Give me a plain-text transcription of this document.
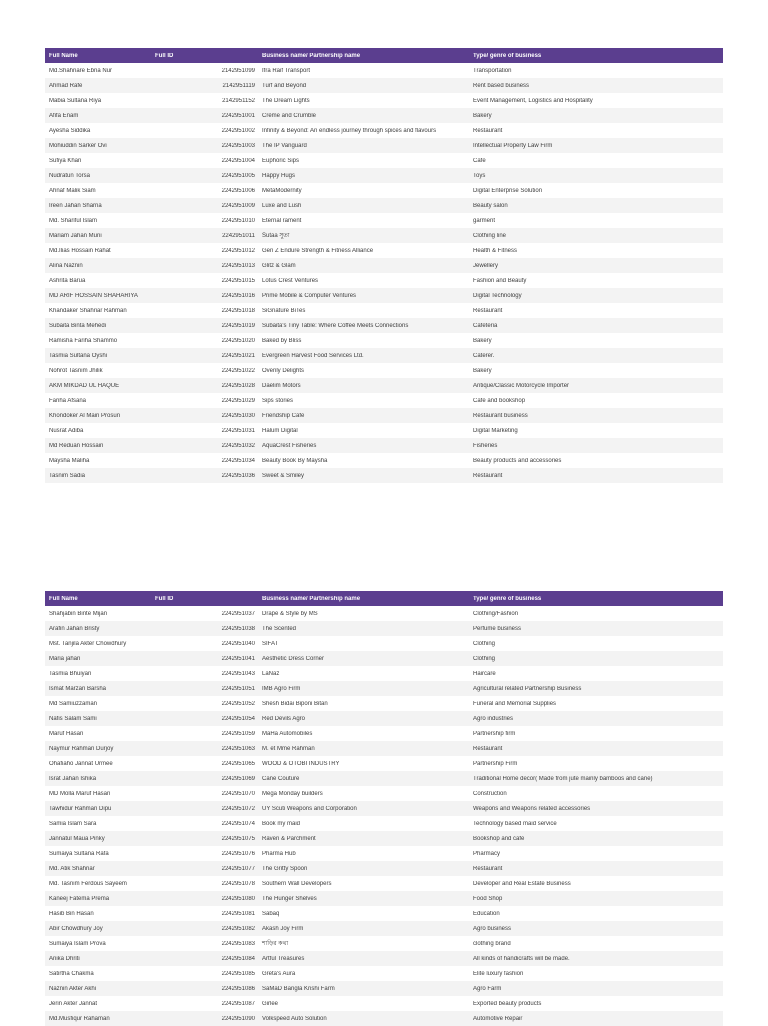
Full Name	Full ID	Business name/ Partnership name	Type/ genre of business
Md.Shahriare Ebna Nur	2142951099	Ifra Raif Transport	Transportation
Ahmad Rafe	2142951119	Turf and Beyond	Rent based business
Mabia Sultana Riya	2142951152	The Dream Lights	Event Management, Logistics and Hospitality
Afifa Enam	2242951001	Crème and Crumble	Bakery
Ayesha Siddika	2242951002	Infinity & Beyond: An endless journey through spices and flavours	Restaurant
Mohiuddin Sarker Ovi	2242951003	The IP Vanguard	Intellectual Property Law Firm
Sufiya Khan	2242951004	Euphoric Sips	Cafe
Nudratun Torsa	2242951005	Happy Hugs	Toys
Ahnaf Malik Siam	2242951006	MetaModernity	Digital Enterprise Solution
Ireen Jahan Sharna	2242951009	Luxe and Lush	Beauty salon
Md. Shariful Islam	2242951010	Eternal rament	garment
Mariam Jahan Muni	2242951011	Sutaa সুতা	Clothing line
Md.Ilias Hossain Rahat	2242951012	Gen Z Endure Strength & Fitness Alliance	Health & Fitness
Alina Naznin	2242951013	Glitz & Glam	Jewellery
Ashrita Barua	2242951015	Lotus Crest Ventures	Fashion and Beauty
MD ARIF HOSSAIN SHAHARIYA	2242951016	Prime Mobile & Computer Ventures	Digital Technology
Khandaker Shahriar Rahman	2242951018	SiGnature BiTes	Restaurant
Subaita Binta Mehedi	2242951019	Subaita's Tiny Table: Where Coffee Meets Connections	Cafeteria
Ramisha Fariha Shammo	2242951020	Baked by Bliss	Bakery
Tasmia Sultana Oyshi	2242951021	Evergreen Harvest Food Services Ltd.	Caterer.
Nohrot Tasnim Jhilik	2242951022	Ovenly Delights	Bakery
AKM MIKDAD UL HAQUE	2242951028	Daelim Motors	Antique/Classic Motorcycle Importer
Fariha Afsana	2242951029	Sips stories	Cafe and bookshop
Khondoker Al Main Prosun	2242951030	Friendship Cafe	Restaurant business
Nusrat Adiba	2242951031	Halum Digital	Digital Marketing
Md Reduan Hossain	2242951032	AquaCrest Fisheries	Fisheries
Maysha Maliha	2242951034	Beauty Book By Maysha	Beauty products and accessories
Tasnim Sadia	2242951036	Sweet & Smiley	Restaurant
Full Name	Full ID	Business name/ Partnership name	Type/ genre of business
Shahjabin Binte Mijan	2242951037	Drape & Style by MS	Clothing/Fashion
Arafin Jahan Bristy	2242951038	The Scented	Perfume business
Mst. Tanjila Akter Chowdhury	2242951040	SIFAT	Clothing
Maria jahan	2242951041	Aesthetic Dress Corner	Clothing
Tasmia Bhuiyan	2242951043	LaNaz	Haircare
Ismat Marzan Barsha	2242951051	IMB Agro Firm	Agricultural related Partnership Business
Md Samiuzzaman	2242951052	Shesh Bidai Biponi Bitan	Funeral and Memorial Supplies
Nafis Salam Sami	2242951054	Red Devils Agro	Agro industries
Maruf Hasan	2242951059	MaHa Automobiles	Partnership firm
Naymur Rahman Durjoy	2242951063	M. et Mme Rahman	Restaurant
Ohafiaho Jannat Urmee	2242951065	WOOD & OTOBI INDUSTRY	Partnership Firm
Israt Jahan Ishika	2242951069	Cane Couture	Traditional Home decor( Made from jute mainly bamboos and cane)
MD Molla Maruf Hasan	2242951070	Mega Monday builders	Construction
Tawhidur Rahman Dipu	2242951072	UY Scuti Weapons and Corporation	Weapons and Weapons related accessories
Samia Islam Sara	2242951074	Book my maid	Technology based maid service
Jannatul Maua Pinky	2242951075	Raven & Parchment	Bookshop and cafe
Sumaiya Sultana Rafa	2242951076	Pharma Hub	Pharmacy
Md. Atik Shahriar	2242951077	The Gritty Spoon	Restaurant
Md. Tasnim Ferdous Sayeem	2242951078	Southern Wall Developers	Developer and Real Estate Business
Kaneej Fatema Prema	2242951080	The Hunger Shelves	Food Shop
Hasib Bin Hasan	2242951081	Sabaq	Education
Abir Chowdhury Joy	2242951082	Akash Joy Firm	Agro business
Sumaiya Islam Prova	2242951083	শাড়ির কথা	clothing brand
Anika Dhriti	2242951084	Artful Treasures	All kinds of handicrafts will be made.
Satirtha Chakma	2242951085	Greta's Aura	Elite luxury fashion
Naznin Akter Akhi	2242951086	SaMaD Bangla Krishi Farm	Agro Farm
Jerin Akter Jannat	2242951087	Girlee	Exported beauty products
Md.Musfiqur Rahaman	2242951090	Volkspeed Auto Solution	Automotive Repair
